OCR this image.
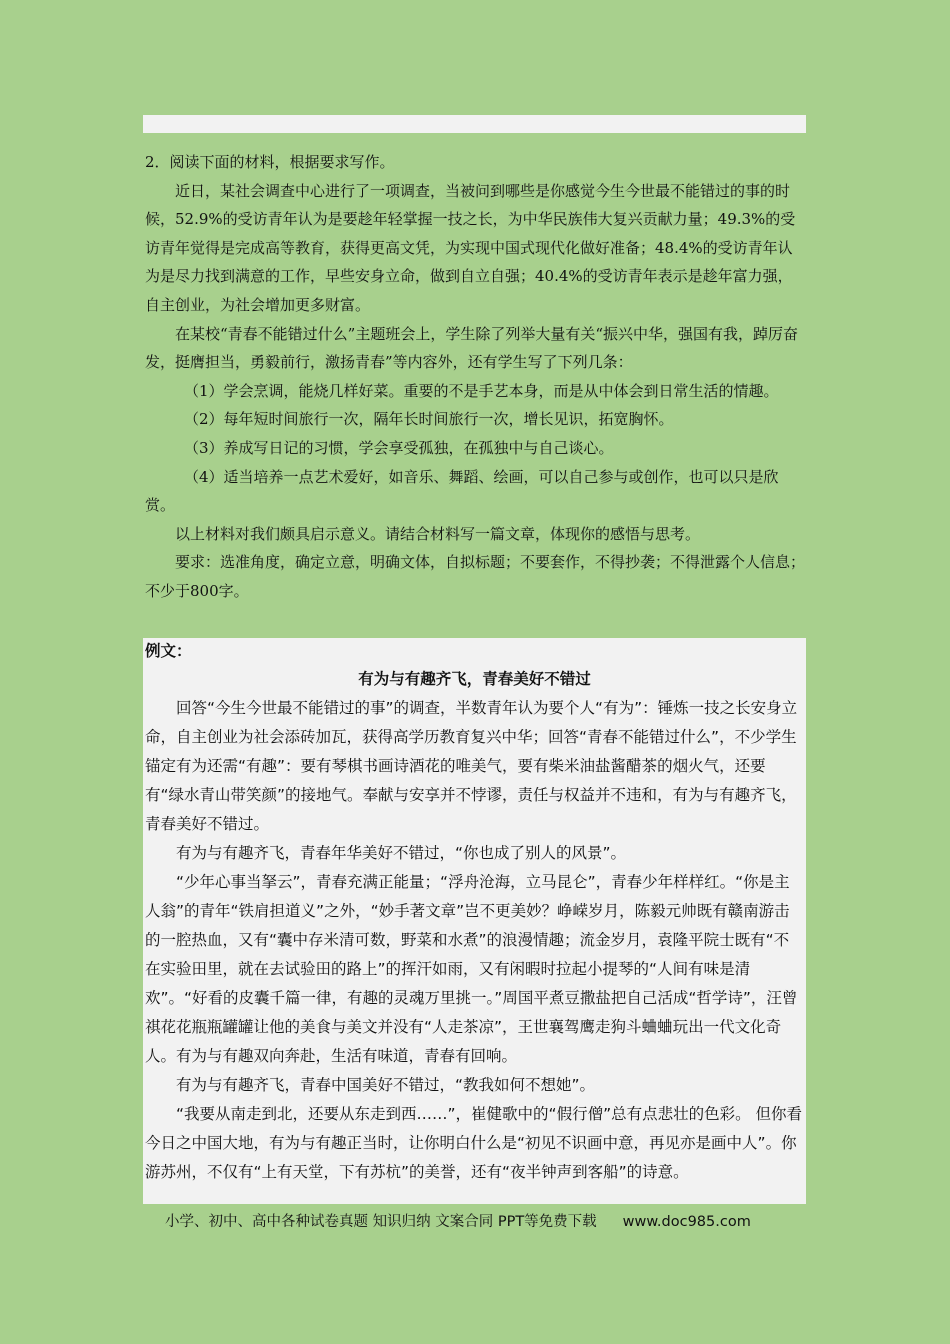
2．阅读下面的材料，根据要求写作。

近日，某社会调查中心进行了一项调查，当被问到哪些是你感觉今生今世最不能错过的事的时候，52.9%的受访青年认为是要趁年轻掌握一技之长，为中华民族伟大复兴贡献力量；49.3%的受访青年觉得是完成高等教育，获得更高文凭，为实现中国式现代化做好准备；48.4%的受访青年认为是尽力找到满意的工作，早些安身立命，做到自立自强；40.4%的受访青年表示是趁年富力强，自主创业，为社会增加更多财富。

在某校“青春不能错过什么”主题班会上，学生除了列举大量有关“振兴中华，强国有我，踔厉奋发，挺膺担当，勇毅前行，激扬青春”等内容外，还有学生写了下列几条：

（1）学会烹调，能烧几样好菜。重要的不是手艺本身，而是从中体会到日常生活的情趣。

（2）每年短时间旅行一次，隔年长时间旅行一次，增长见识，拓宽胸怀。

（3）养成写日记的习惯，学会享受孤独，在孤独中与自己谈心。

（4）适当培养一点艺术爱好，如音乐、舞蹈、绘画，可以自己参与或创作，也可以只是欣赏。

以上材料对我们颇具启示意义。请结合材料写一篇文章，体现你的感悟与思考。

要求：选准角度，确定立意，明确文体，自拟标题；不要套作，不得抄袭；不得泄露个人信息；不少于800字。

例文：
有为与有趣齐飞，青春美好不错过

回答“今生今世最不能错过的事”的调查，半数青年认为要个人“有为”：锤炼一技之长安身立命，自主创业为社会添砖加瓦，获得高学历教育复兴中华；回答“青春不能错过什么”，不少学生锚定有为还需“有趣”：要有琴棋书画诗酒花的唯美气，要有柴米油盐酱醋茶的烟火气，还要有“绿水青山带笑颜”的接地气。奉献与安享并不悖谬，责任与权益并不违和，有为与有趣齐飞，青春美好不错过。

有为与有趣齐飞，青春年华美好不错过，“你也成了别人的风景”。

“少年心事当拏云”，青春充满正能量；“浮舟沧海，立马昆仑”，青春少年样样红。“你是主人翁”的青年“铁肩担道义”之外，“妙手著文章”岂不更美妙？峥嵘岁月，陈毅元帅既有赣南游击的一腔热血，又有“囊中存米清可数，野菜和水煮”的浪漫情趣；流金岁月，袁隆平院士既有“不在实验田里，就在去试验田的路上”的挥汗如雨，又有闲暇时拉起小提琴的“人间有味是清欢”。“好看的皮囊千篇一律，有趣的灵魂万里挑一。”周国平煮豆撒盐把自己活成“哲学诗”，汪曾祺花花瓶瓶罐罐让他的美食与美文并没有“人走茶凉”，王世襄驾鹰走狗斗蛐蛐玩出一代文化奇人。有为与有趣双向奔赴，生活有味道，青春有回响。

有为与有趣齐飞，青春中国美好不错过，“教我如何不想她”。

“我要从南走到北，还要从东走到西……”，崔健歌中的“假行僧”总有点悲壮的色彩。 但你看今日之中国大地，有为与有趣正当时，让你明白什么是“初见不识画中意，再见亦是画中人”。你游苏州，不仅有“上有天堂，下有苏杭”的美誉，还有“夜半钟声到客船”的诗意。

小学、初中、高中各种试卷真题 知识归纳 文案合同 PPT等免费下载 www.doc985.com
